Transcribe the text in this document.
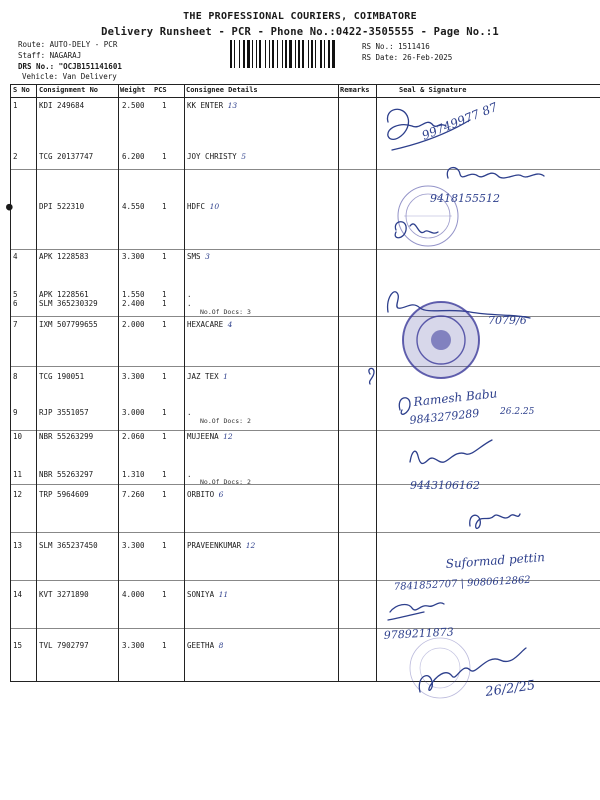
THE PROFESSIONAL COURIERS, COIMBATORE
Delivery Runsheet - PCR - Phone No.:0422-3505555 - Page No.:1
Route: AUTO-DELY - PCR
Staff: NAGARAJ
DRS No.: "OCJB151141601
Vehicle: Van Delivery
RS No.: 1511416
RS Date: 26-Feb-2025
S No Consignment No	Weight PCS	Consignee Details	Remarks	Seal & Signature
1	KDI 249684	2.500 1	KK ENTER 13
2	TCG 20137747	6.200 1	JOY CHRISTY 5
●	DPI 522310	4.550 1	HDFC 10
4	APK 1228583	3.300 1	SMS 3
5	APK 1228561	1.550 1	.
6	SLM 365230329	2.400 1	.
No.Of Docs: 3
7	IXM 507799655	2.000 1	HEXACARE 4
8	TCG 190051	3.300 1	JAZ TEX 1
9	RJP 3551057	3.000 1	.
No.Of Docs: 2
10 NBR 55263299	2.060 1	MUJEENA 12
11 NBR 55263297	1.310 1	.
No.Of Docs: 2
12 TRP 5964609	7.260 1	ORBITO 6
13 SLM 365237450	3.300 1	PRAVEENKUMAR 12
14 KVT 3271890	4.000 1	SONIYA 11
15 TVL 7902797	3.300 1	GEETHA 8
99749977 87
9418155512
7079/6
Ramesh Babu
9843279289 26.2.25
9443106162
Suformad pettin
7841852707 | 9080612862
9789211873
26/2/25
